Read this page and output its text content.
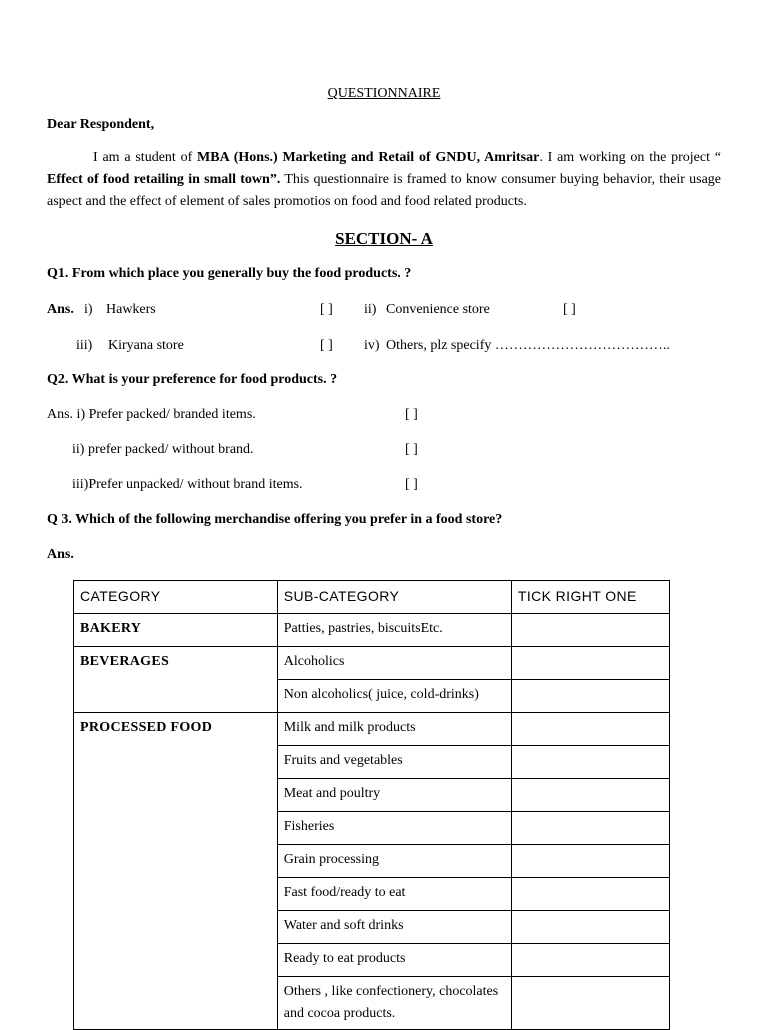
QUESTIONNAIRE
Dear Respondent,
I am a student of MBA (Hons.) Marketing and Retail of GNDU, Amritsar. I am working on the project “ Effect of food retailing in small town”. This questionnaire is framed to know consumer buying behavior, their usage aspect and the effect of element of sales promotios on food and food related products.
SECTION- A
Q1. From which place you generally buy the food products. ?
Ans. i) Hawkers	[ ] ii) Convenience store	[ ]
iii) Kiryana store	[ ] iv) Others, plz specify ………………………………..
Q2. What is your preference for food products. ?
Ans. i) Prefer packed/ branded items.	[ ]
ii) prefer packed/ without brand.	[ ]
iii)Prefer unpacked/ without brand items.	[ ]
Q 3. Which of the following merchandise offering you prefer in a food store?
Ans.
CATEGORY	SUB-CATEGORY	TICK RIGHT ONE
BAKERY	Patties, pastries, biscuitsEtc.	
BEVERAGES	Alcoholics	
	Non alcoholics( juice, cold-drinks)	
PROCESSED FOOD	Milk and milk products	
	Fruits and vegetables	
	Meat and poultry	
	Fisheries	
	Grain processing	
	Fast food/ready to eat	
	Water and soft drinks	
	Ready to eat products	
	Others , like confectionery, chocolates and cocoa products.	
